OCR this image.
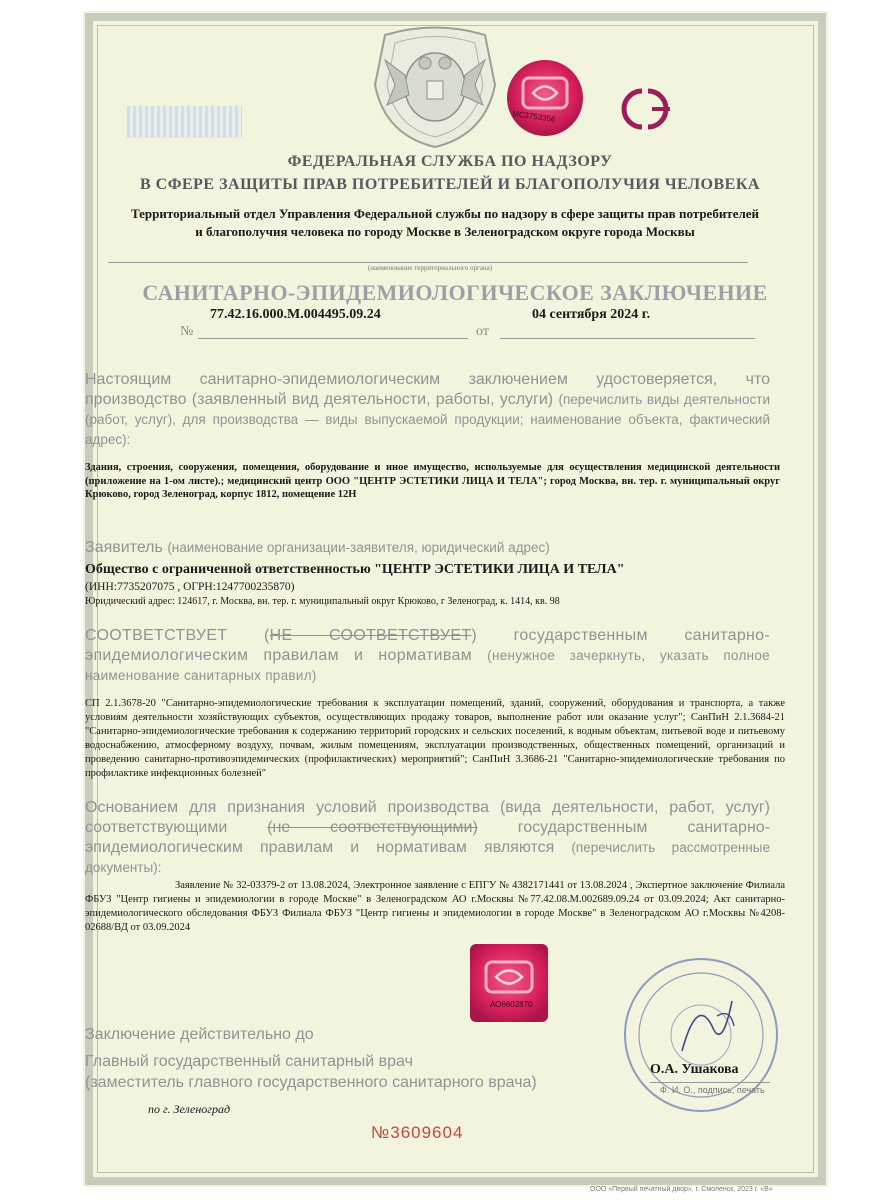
МС3753356
ФЕДЕРАЛЬНАЯ СЛУЖБА ПО НАДЗОРУ
В СФЕРЕ ЗАЩИТЫ ПРАВ ПОТРЕБИТЕЛЕЙ И БЛАГОПОЛУЧИЯ ЧЕЛОВЕКА
Территориальный отдел Управления Федеральной службы по надзору в сфере защиты прав потребителей
и благополучия человека по городу Москве в Зеленоградском округе города Москвы
(наименование территориального органа)
САНИТАРНО-ЭПИДЕМИОЛОГИЧЕСКОЕ ЗАКЛЮЧЕНИЕ
№
77.42.16.000.М.004495.09.24
от
04 сентября 2024 г.
Настоящим санитарно-эпидемиологическим заключением удостоверяется, что производство (заявленный вид деятельности, работы, услуги) (перечислить виды деятельности (работ, услуг), для производства — виды выпускаемой продукции; наименование объекта, фактический адрес):
Здания, строения, сооружения, помещения, оборудование и иное имущество, используемые для осуществления медицинской деятельности (приложение на 1-ом листе).; медицинский центр ООО "ЦЕНТР ЭСТЕТИКИ ЛИЦА И ТЕЛА"; город Москва, вн. тер. г. муниципальный округ Крюково, город Зеленоград, корпус 1812, помещение 12Н
Заявитель (наименование организации-заявителя, юридический адрес)
Общество с ограниченной ответственностью "ЦЕНТР ЭСТЕТИКИ ЛИЦА И ТЕЛА"
(ИНН:7735207075 , ОГРН:1247700235870)
Юридический адрес: 124617, г. Москва, вн. тер. г. муниципальный округ Крюково, г Зеленоград, к. 1414, кв. 98
СООТВЕТСТВУЕТ (НЕ СООТВЕТСТВУЕТ) государственным санитарно-эпидемиологическим правилам и нормативам (ненужное зачеркнуть, указать полное наименование санитарных правил)
СП 2.1.3678-20 "Санитарно-эпидемиологические требования к эксплуатации помещений, зданий, сооружений, оборудования и транспорта, а также условиям деятельности хозяйствующих субъектов, осуществляющих продажу товаров, выполнение работ или оказание услуг"; СанПиН 2.1.3684-21 "Санитарно-эпидемиологические требования к содержанию территорий городских и сельских поселений, к водным объектам, питьевой воде и питьевому водоснабжению, атмосферному воздуху, почвам, жилым помещениям, эксплуатации производственных, общественных помещений, организаций и проведению санитарно-противоэпидемических (профилактических) мероприятий"; СанПиН 3.3686-21 "Санитарно-эпидемиологические требования по профилактике инфекционных болезней"
Основанием для признания условий производства (вида деятельности, работ, услуг) соответствующими (не соответствующими) государственным санитарно-эпидемиологическим правилам и нормативам являются (перечислить рассмотренные документы):
Заявление № 32-03379-2 от 13.08.2024, Электронное заявление с ЕПГУ № 4382171441 от 13.08.2024 , Экспертное заключение Филиала ФБУЗ "Центр гигиены и эпидемиологии в городе Москве" в Зеленоградском АО г.Москвы №77.42.08.М.002689.09.24 от 03.09.2024; Акт санитарно-эпидемиологического обследования ФБУЗ Филиала ФБУЗ "Центр гигиены и эпидемиологии в городе Москве" в Зеленоградском АО г.Москвы №4208-02688/ВД от 03.09.2024
АО6602870
Заключение действительно до
Главный государственный санитарный врач
(заместитель главного государственного санитарного врача)
О.А. Ушакова
Ф. И. О., подпись, печать
по г. Зеленоград
№3609604
ООО «Первый печатный двор», г. Смоленск, 2023 г. «В»
